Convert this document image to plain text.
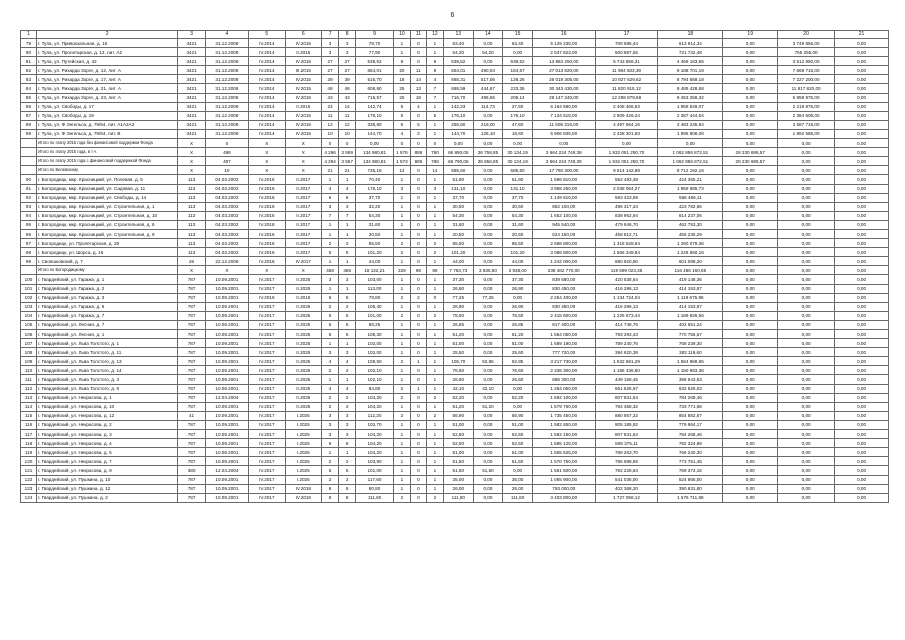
6
1	2	3	4	5	6	7	8	9	10	11	12	13	14	15	16	17	18	19	20	21
79	г. Тула, ул. Привокзальная, д. 16	3421	31.12.2008	IV.2014	IV.2015	3	3	78,70	1	0	1	63,40	0,00	63,40	5 129 235,00	708 585,44	613 914,34	0,00	3 749 855,00	0,00
80	г. Тула, ул. Пролетарская, д. 12, лит. А2	3421	31.12.2008	IV.2014	II.2015	3	3	77,90	1	0	1	54,20	54,20	0,00	2 537 822,00	500 887,55	721 732,48	0,00	755 255,00	0,00
81	г. Тула, ул. Путейская, д. 42	3421	31.12.2008	IV.2014	IV.2015	27	27	539,52	9	0	9	539,52	0,00	539,52	13 863 250,00	5 743 866,31	4 469 163,65	0,00	3 512 950,00	0,00
82	г. Тула, ул. Рихарда Зорге, д. 12, лит. А	3421	31.12.2008	IV.2014	III.2015	27	27	654,01	20	11	9	654,01	490,04	164,57	27 013 920,00	11 984 503,39	9 188 701,19	0,00	7 669 715,00	0,00
83	г. Тула, ул. Рихарда Зорге, д. 17, лит. А	3421	31.12.2008	IV.2014	IV.2015	39	39	516,70	18	14	4	665,31	517,06	128,26	26 019 305,00	10 927 629,62	8 794 569,18	0,00	7 227 200,00	0,00
84	г. Тула, ул. Рихарда Зорге, д. 21, лит. А	3421	31.12.2008	IV.2014	IV.2015	48	48	608,80	25	13	7	688,59	444,67	233,35	30 343 430,00	11 820 915,12	9 485 428,58	0,00	11 817 820,00	0,00
85	г. Тула, ул. Рихарда Зорге, д. 23, лит. А	3421	31.12.2008	IV.2014	IV.2015	43	43	716,57	25	18	7	716,70	496,56	209,14	29 147 340,00	12 298 879,68	9 453 258,32	0,00	6 959 975,00	0,00
86	г. Тула, ул. Свободы, д. 17	3421	31.12.2008	IV.2014	II.2015	24	14	142,74	5	4	1	142,23	114,73	27,50	6 164 580,00	2 408 466,53	1 959 549,07	0,00	2 218 875,00	0,00
87	г. Тула, ул. Свободы, д. 19	3421	31.12.2008	IV.2014	IV.2015	11	11	176,10	5	0	5	176,10	0,00	176,10	7 134 515,00	2 809 426,24	2 367 444,64	0,00	2 384 605,00	0,00
88	г. Тула, ул. Ф.Энгельса, д. 79/84, лит. А1А2А3	3421	31.12.2008	IV.2014	IV.2015	12	12	335,80	6	5	1	266,60	219,00	47,60	11 608 315,00	4 497 564,16	3 483 235,84	0,00	3 587 715,00	0,00
89	г. Тула, ул. Ф.Энгельса, д. 79/84, лит. В	3421	31.12.2008	IV.2014	IV.2015	10	10	144,70	4	3	1	144,70	126,10	18,60	5 906 935,00	2 428 301,93	1 995 808,08	0,00	1 992 585,00	0,00
	Итого по этапу 2015 года без финансовой поддержки Фонда	X	0	X	X	0	0	0,00	0	0	0	0,00	0,00	0,00	0,00	0,00	0,00	0,00	0,00	0,00
	Итого по этапу 2015 года, в т.ч.	X	498	X	X	4 296	3 559	134 980,81	1 576	886	790	66 890,06	36 758,85	30 134,19	3 664 224 749,38	1 932 051 250,70	1 062 856 872,51	28 230 686,57	0,00	0,00
	Итого по этапу 2015 года с финансовой поддержкой Фонда	X	497	X	X	4 294	3 557	134 980,81	1 573	885	788	66 790,06	36 656,85	30 134,19	3 664 224 749,38	1 932 051 250,70	1 062 856 872,51	28 230 686,57	0,00	0,00
	Итого по Белевскому	X	10	X	X	21	21	735,16	14	0	14	585,60	0,00	585,60	17 760 300,00	9 614 142,88	8 712 192,18	0,00	0,00	0,00
90	г. Богородицк, мкр. Красницкий, ул. Полевая, д. 5	113	04.03.2002	IV.2016	II.2017	1	1	70,40	1	0	1	51,90	0,00	51,90	1 596 810,00	552 493,49	424 365,21	0,00	0,00	0,00
91	г. Богородицк, мкр. Красницкий, ул. Садовая, д. 11	113	04.03.2002	IV.2016	II.2017	4	4	175,10	3	0	3	131,10	0,00	131,10	3 958 250,00	2 038 064,27	1 959 685,73	0,00	0,00	0,00
92	г. Богородицк, мкр. Красницкий, ул. Свободы, д. 14	113	04.03.2002	IV.2016	II.2017	6	6	37,70	1	0	1	37,70	0,00	37,70	1 149 810,00	583 423,59	566 486,11	0,00	0,00	0,00
93	г. Богородицк, мкр. Красницкий, ул. Строительная, д. 1	113	04.03.2002	IV.2016	II.2017	3	3	32,20	1	0	1	30,50	0,00	30,50	882 100,00	496 317,34	423 782,66	0,00	0,00	0,00
94	г. Богородицк, мкр. Красницкий, ул. Строительная, д. 10	113	04.03.2002	IV.2016	II.2017	7	7	54,30	1	0	1	54,30	0,00	54,30	1 652 100,00	838 962,94	814 237,06	0,00	0,00	0,00
95	г. Богородицк, мкр. Красницкий, ул. Строительная, д. 6	113	04.03.2002	IV.2016	II.2017	1	1	31,60	1	0	1	31,60	0,00	31,60	945 540,00	479 946,70	462 753,30	0,00	0,00	0,00
96	г. Богородицк, мкр. Красницкий, ул. Строительная, д. 9	113	04.03.2002	IV.2016	II.2017	1	1	20,50	1	0	1	20,50	0,00	20,50	624 150,00	468 812,71	455 235,29	0,00	0,00	0,00
97	г. Богородицк, ул. Пролетарская, д. 29	113	04.03.2002	IV.2016	II.2017	2	2	85,50	2	0	2	85,50	0,00	85,50	2 598 800,00	1 318 528,64	1 280 079,36	0,00	0,00	0,00
98	г. Богородицк, ул. Шорса, д. 16	113	04.03.2002	IV.2016	II.2017	5	5	101,20	2	0	2	101,20	0,00	101,20	3 086 800,00	1 566 349,84	1 228 650,16	0,00	0,00	0,00
99	г. Свояшковский, д. 7	26	22.12.2008	IV.2016	IV.2017	1	1	44,00	1	0	1	44,00	0,00	44,00	1 242 000,00	680 920,80	601 088,20	0,00	0,00	0,00
	Итого по Богородицкому	X	X	X	X	458	366	18 122,21	329	98	86	7 763,73	3 635,50	3 938,00	238 482 770,00	119 599 023,35	116 466 160,65	0,00	0,00	0,00
100	г. Гвардейский, ул. Гаража, д. 1	787	10.09.2001	IV.2017	II.2025	3	3	103,00	1	0	1	37,30	0,00	37,30	839 680,00	420 535,64	419 148,36	0,00	0,00	0,00
101	г. Гвардейский, ул. Гаража, д. 2	787	10.09.2001	IV.2017	II.2025	1	1	113,00	1	0	1	26,90	0,00	26,90	830 450,00	416 296,13	414 153,87	0,00	0,00	0,00
102	г. Гвардейский, ул. Гаража, д. 3	787	10.09.2001	IV.2016	II.2016	6	6	78,80	2	2	0	77,25	77,25	0,00	2 254 400,00	1 134 724,04	1 119 675,96	0,00	0,00	0,00
103	г. Гвардейский, ул. Гаража, д. 6	787	10.09.2001	IV.2017	II.2025	2	2	106,40	1	0	1	26,90	0,00	26,90	830 450,00	416 296,13	414 153,87	0,00	0,00	0,00
104	г. Гвардейский, ул. Гаража, д. 7	787	10.09.2001	IV.2017	II.2025	5	5	101,00	2	0	2	78,50	0,00	78,50	2 415 600,00	1 225 673,44	1 189 926,56	0,00	0,00	0,00
105	г. Гвардейский, ул. Лесная, д. 7	787	10.09.2001	IV.2017	II.2025	5	5	88,25	1	0	1	26,85	0,00	26,85	817 400,00	414 748,76	402 651,24	0,00	0,00	0,00
106	г. Гвардейский, ул. Лесная, д. 1	787	10.09.2001	IV.2017	II.2025	6	6	108,30	1	0	1	51,20	0,00	51,20	1 564 050,00	793 293,43	770 756,57	0,00	0,00	0,00
107	г. Гвардейский, ул. Льва Толстого, д. 1	787	10.09.2001	IV.2017	II.2025	1	1	102,00	1	0	1	51,00	0,00	51,00	1 589 190,00	789 240,76	768 239,30	0,00	0,00	0,00
108	г. Гвардейский, ул. Льва Толстого, д. 11	787	10.09.2001	IV.2017	II.2025	3	3	102,00	1	0	1	25,50	0,00	25,50	777 720,00	394 620,38	383 119,60	0,00	0,00	0,00
109	г. Гвардейский, ул. Льва Толстого, д. 13	787	10.09.2001	IV.2017	II.2025	4	4	108,50	2	1	1	105,70	52,85	52,85	3 217 730,00	1 632 681,29	1 584 968,65	0,00	0,00	0,00
110	г. Гвардейский, ул. Льва Толстого, д. 14	787	10.09.2001	IV.2017	II.2025	2	2	102,10	1	0	1	76,60	0,00	76,60	2 336 300,00	1 185 436,60	1 150 863,38	0,00	0,00	0,00
111	г. Гвардейский, ул. Льва Толстого, д. 3	787	10.09.2001	IV.2017	II.2025	1	1	102,10	1	0	1	26,60	0,00	26,60	885 300,00	449 156,45	396 643,53	0,00	0,00	0,00
112	г. Гвардейский, ул. Льва Толстого, д. 8	787	10.09.2001	IV.2017	II.2025	4	4	84,80	2	1	1	42,10	42,10	0,00	1 284 050,00	651 525,97	632 525,03	0,00	0,00	0,00
113	г. Гвардейский, ул. Некрасова, д. 1	787	12.04.2004	IV.2017	II.2025	2	2	104,20	2	0	2	52,20	0,00	52,20	1 592 100,00	807 831,54	784 268,46	0,00	0,00	0,00
114	г. Гвардейский, ул. Некрасова, д. 10	787	10.09.2001	IV.2017	II.2025	2	2	104,20	1	0	1	51,20	51,20	0,00	1 579 750,00	794 458,32	733 771,68	0,00	0,00	0,00
115	г. Гвардейский, ул. Некрасова, д. 12	41	10.09.2001	IV.2017	I.2025	3	3	112,20	2	0	2	56,90	0,00	56,90	1 735 450,00	880 567,32	854 882,67	0,00	0,00	0,00
116	г. Гвардейский, ул. Некрасова, д. 2	787	10.09.2001	IV.2017	I.2025	3	3	102,70	1	0	1	51,00	0,00	51,00	1 582 650,00	805 185,92	779 964,17	0,00	0,00	0,00
117	г. Гвардейский, ул. Некрасова, д. 3	787	10.09.2001	IV.2017	I.2025	3	3	104,20	1	0	1	52,50	0,00	52,50	1 582 150,00	807 831,54	784 268,46	0,00	0,00	0,00
118	г. Гвардейский, ул. Некрасова, д. 4	787	10.09.2001	IV.2017	I.2025	6	6	104,20	1	0	1	52,50	0,00	52,50	1 585 125,00	809 375,11	782 324,89	0,00	0,00	0,00
119	г. Гвардейский, ул. Некрасова, д. 5	787	10.09.2001	IV.2017	I.2025	1	1	104,20	1	0	1	51,00	0,00	51,00	1 555 525,00	789 263,70	766 230,30	0,00	0,00	0,00
120	г. Гвардейский, ул. Некрасова, д. 7	787	10.09.2001	IV.2017	I.2025	2	2	103,90	1	0	1	51,50	0,00	51,50	1 570 750,00	796 998,55	773 751,45	0,00	0,00	0,00
121	г. Гвардейский, ул. Некрасова, д. 9	380	12.04.2004	IV.2017	I.2025	5	5	101,00	1	0	1	51,50	51,50	0,00	1 561 600,00	792 225,84	769 374,16	0,00	0,00	0,00
122	г. Гвардейский, ул. Пушкина, д. 10	787	10.09.2001	IV.2017	I.2025	2	2	117,60	1	0	1	35,00	0,00	35,00	1 065 900,00	541 035,00	524 865,00	0,00	0,00	0,00
123	г. Гвардейский, ул. Пушкина, д. 12	787	10.09.2001	IV.2017	IV.2018	6	6	90,80	1	0	1	26,00	0,00	26,00	793 000,00	402 368,20	390 631,80	0,00	0,00	0,00
124	г. Гвардейский, ул. Пушкина, д. 2	787	10.09.2001	IV.2017	IV.2018	8	8	111,60	2	0	2	111,60	0,00	111,60	3 403 800,00	1 727 058,12	1 676 711,88	0,00	0,00	0,00
